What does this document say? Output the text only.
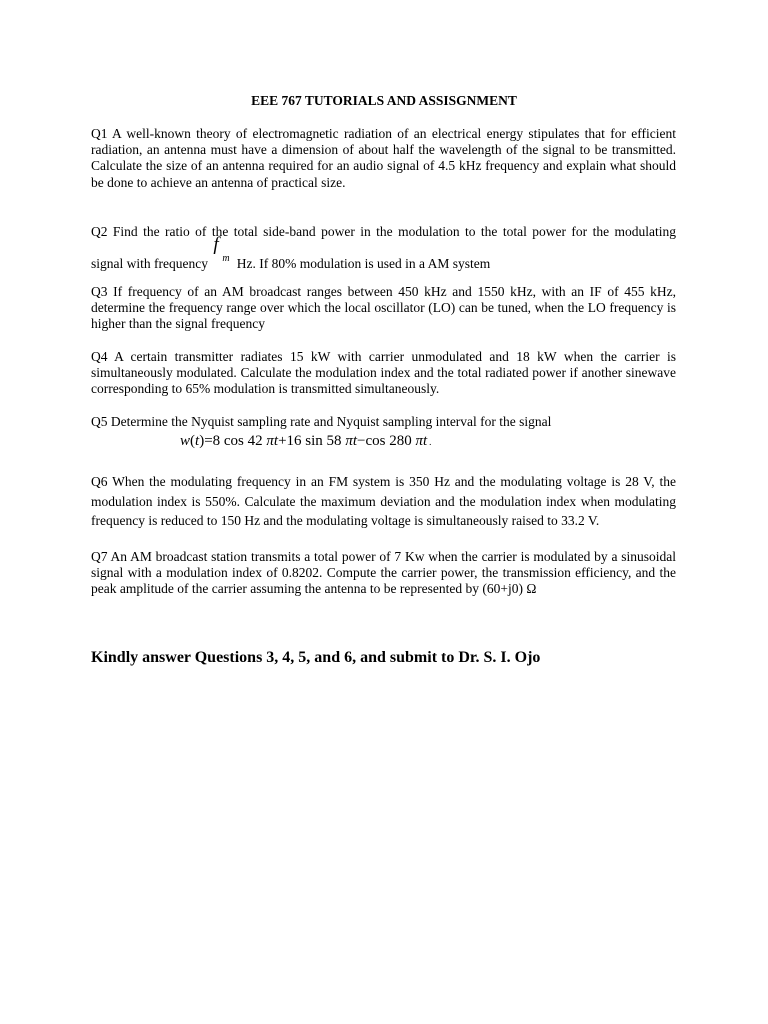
EEE 767 TUTORIALS AND ASSISGNMENT
Q1 A well-known theory of electromagnetic radiation of an electrical energy stipulates that for efficient radiation, an antenna must have a dimension of about half the wavelength of the signal to be transmitted. Calculate the size of an antenna required for an audio signal of 4.5 kHz frequency and explain what should be done to achieve an antenna of practical size.
Q2 Find the ratio of the total side-band power in the modulation to the total power for the modulating
signal with frequency
f
m Hz. If 80% modulation is used in a AM system
Q3 If frequency of an AM broadcast ranges between 450 kHz and 1550 kHz, with an IF of 455 kHz, determine the frequency range over which the local oscillator (LO) can be tuned, when the LO frequency is higher than the signal frequency
Q4 A certain transmitter radiates 15 kW with carrier unmodulated and 18 kW when the carrier is simultaneously modulated. Calculate the modulation index and the total radiated power if another sinewave corresponding to 65% modulation is transmitted simultaneously.
Q5 Determine the Nyquist sampling rate and Nyquist sampling interval for the signal
w(t)=8 cos 42 πt+16 sin 58 πt−cos 280 πt .
Q6 When the modulating frequency in an FM system is 350 Hz and the modulating voltage is 28 V, the modulation index is 550%. Calculate the maximum deviation and the modulation index when modulating frequency is reduced to 150 Hz and the modulating voltage is simultaneously raised to 33.2 V.
Q7 An AM broadcast station transmits a total power of 7 Kw when the carrier is modulated by a sinusoidal signal with a modulation index of 0.8202. Compute the carrier power, the transmission efficiency, and the peak amplitude of the carrier assuming the antenna to be represented by (60+j0) Ω
Kindly answer Questions 3, 4, 5, and 6, and submit to Dr. S. I. Ojo
